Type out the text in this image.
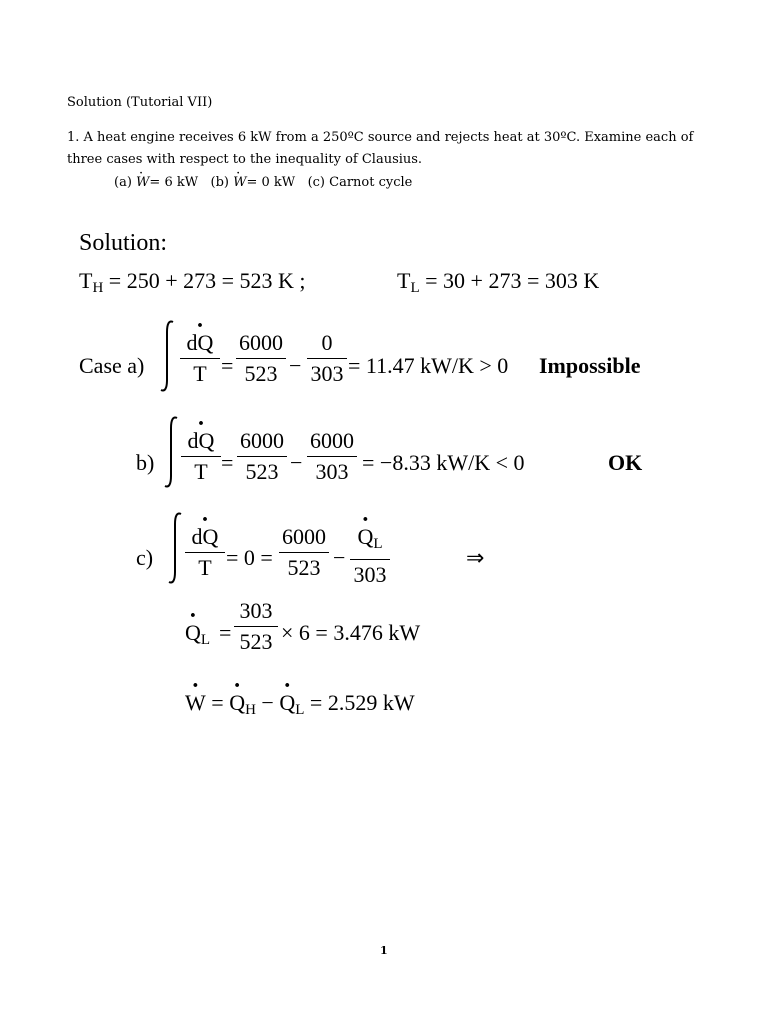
Solution (Tutorial VII)
1. A heat engine receives 6 kW from a 250ºC source and rejects heat at 30ºC. Examine each of
three cases with respect to the inequality of Clausius.
(a) · W= 6 kW (b) · W= 0 kW (c) Carnot cycle
Solution:
$T_H = 250 + 273 = 523$ K ;	$T_L = 30 + 273 = 303$ K
Case a)
· dQ
T =
6000
523 −
0
303 = 11.47 kW/K > 0 Impossible
b)
· dQ
T =
6000
523 −
6000
303 = −8.33 kW/K < 0	OK
c)
· dQ
T = 0 =
6000
523 −
· $Q_L$
303
⇒
· $Q_L$ =
303
523 × 6 = 3.476 kW
· W = · $Q_H$ − · $Q_L = 2.529$ kW
1
